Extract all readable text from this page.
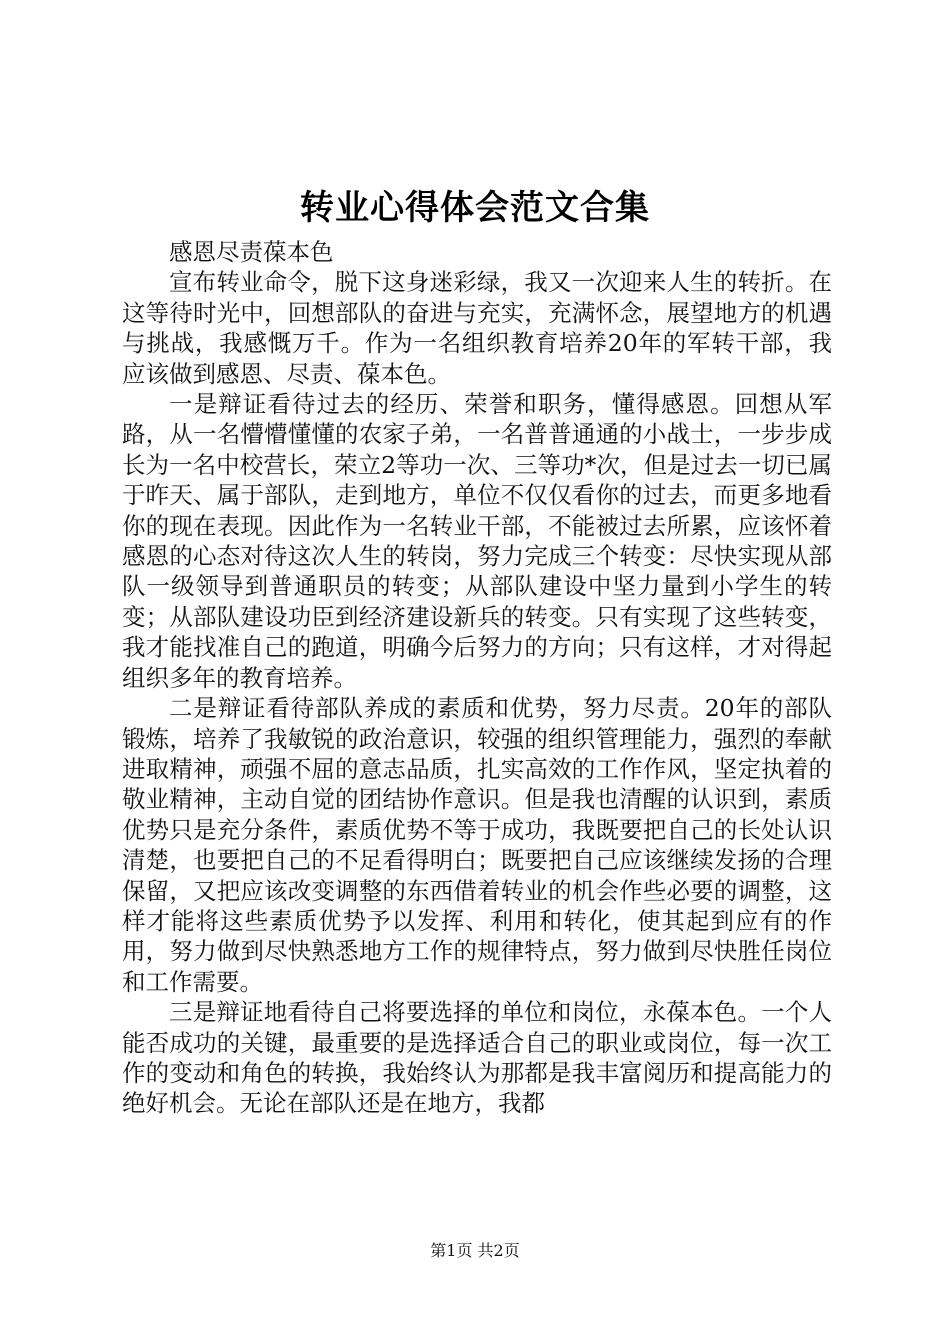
转业心得体会范文合集

感恩尽责葆本色

宣布转业命令，脱下这身迷彩绿，我又一次迎来人生的转折。在这等待时光中，回想部队的奋进与充实，充满怀念，展望地方的机遇与挑战，我感慨万千。作为一名组织教育培养20年的军转干部，我应该做到感恩、尽责、葆本色。

一是辩证看待过去的经历、荣誉和职务，懂得感恩。回想从军路，从一名懵懵懂懂的农家子弟，一名普普通通的小战士，一步步成长为一名中校营长，荣立2等功一次、三等功*次，但是过去一切已属于昨天、属于部队，走到地方，单位不仅仅看你的过去，而更多地看你的现在表现。因此作为一名转业干部，不能被过去所累，应该怀着感恩的心态对待这次人生的转岗，努力完成三个转变：尽快实现从部队一级领导到普通职员的转变；从部队建设中坚力量到小学生的转变；从部队建设功臣到经济建设新兵的转变。只有实现了这些转变，我才能找准自己的跑道，明确今后努力的方向；只有这样，才对得起组织多年的教育培养。

二是辩证看待部队养成的素质和优势，努力尽责。20年的部队锻炼，培养了我敏锐的政治意识，较强的组织管理能力，强烈的奉献进取精神，顽强不屈的意志品质，扎实高效的工作作风，坚定执着的敬业精神，主动自觉的团结协作意识。但是我也清醒的认识到，素质优势只是充分条件，素质优势不等于成功，我既要把自己的长处认识清楚，也要把自己的不足看得明白；既要把自己应该继续发扬的合理保留，又把应该改变调整的东西借着转业的机会作些必要的调整，这样才能将这些素质优势予以发挥、利用和转化，使其起到应有的作用，努力做到尽快熟悉地方工作的规律特点，努力做到尽快胜任岗位和工作需要。

三是辩证地看待自己将要选择的单位和岗位，永葆本色。一个人能否成功的关键，最重要的是选择适合自己的职业或岗位，每一次工作的变动和角色的转换，我始终认为那都是我丰富阅历和提高能力的绝好机会。无论在部队还是在地方，我都

第1页 共2页
